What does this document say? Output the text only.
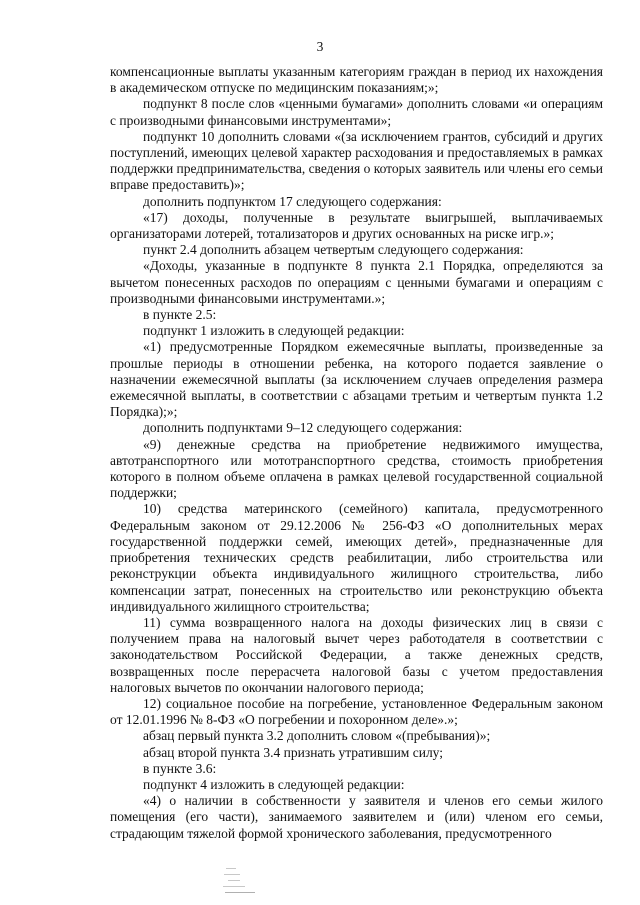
3

компенсационные выплаты указанным категориям граждан в период их нахождения в академическом отпуске по медицинским показаниям;»;

подпункт 8 после слов «ценными бумагами» дополнить словами «и операциям с производными финансовыми инструментами»;

подпункт 10 дополнить словами «(за исключением грантов, субсидий и других поступлений, имеющих целевой характер расходования и предоставляемых в рамках поддержки предпринимательства, сведения о которых заявитель или члены его семьи вправе предоставить)»;

дополнить подпунктом 17 следующего содержания:

«17) доходы, полученные в результате выигрышей, выплачиваемых организаторами лотерей, тотализаторов и других основанных на риске игр.»;

пункт 2.4 дополнить абзацем четвертым следующего содержания:

«Доходы, указанные в подпункте 8 пункта 2.1 Порядка, определяются за вычетом понесенных расходов по операциям с ценными бумагами и операциям с производными финансовыми инструментами.»;

в пункте 2.5:

подпункт 1 изложить в следующей редакции:

«1) предусмотренные Порядком ежемесячные выплаты, произведенные за прошлые периоды в отношении ребенка, на которого подается заявление о назначении ежемесячной выплаты (за исключением случаев определения размера ежемесячной выплаты, в соответствии с абзацами третьим и четвертым пункта 1.2 Порядка);»;

дополнить подпунктами 9–12 следующего содержания:

«9) денежные средства на приобретение недвижимого имущества, автотранспортного или мототранспортного средства, стоимость приобретения которого в полном объеме оплачена в рамках целевой государственной социальной поддержки;

10) средства материнского (семейного) капитала, предусмотренного Федеральным законом от 29.12.2006 № 256-ФЗ «О дополнительных мерах государственной поддержки семей, имеющих детей», предназначенные для приобретения технических средств реабилитации, либо строительства или реконструкции объекта индивидуального жилищного строительства, либо компенсации затрат, понесенных на строительство или реконструкцию объекта индивидуального жилищного строительства;

11) сумма возвращенного налога на доходы физических лиц в связи с получением права на налоговый вычет через работодателя в соответствии с законодательством Российской Федерации, а также денежных средств, возвращенных после перерасчета налоговой базы с учетом предоставления налоговых вычетов по окончании налогового периода;

12) социальное пособие на погребение, установленное Федеральным законом от 12.01.1996 № 8-ФЗ «О погребении и похоронном деле».»;

абзац первый пункта 3.2 дополнить словом «(пребывания)»;

абзац второй пункта 3.4 признать утратившим силу;

в пункте 3.6:

подпункт 4 изложить в следующей редакции:

«4) о наличии в собственности у заявителя и членов его семьи жилого помещения (его части), занимаемого заявителем и (или) членом его семьи, страдающим тяжелой формой хронического заболевания, предусмотренного
